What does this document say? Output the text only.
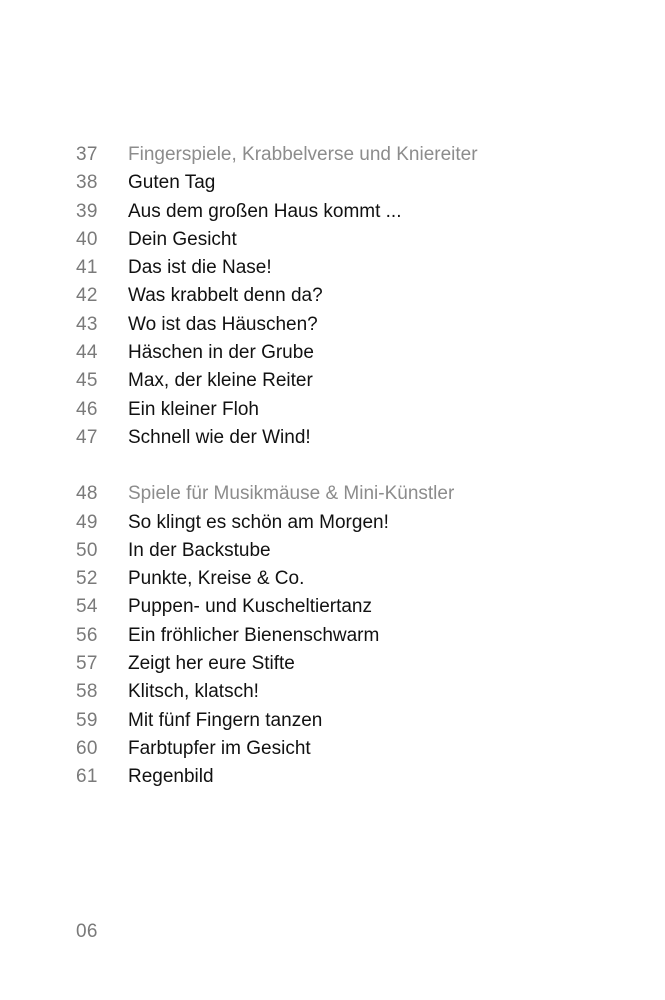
37	Fingerspiele, Krabbelverse und Kniereiter
38	Guten Tag
39	Aus dem großen Haus kommt ...
40	Dein Gesicht
41	Das ist die Nase!
42	Was krabbelt denn da?
43	Wo ist das Häuschen?
44	Häschen in der Grube
45	Max, der kleine Reiter
46	Ein kleiner Floh
47	Schnell wie der Wind!
48	Spiele für Musikmäuse & Mini-Künstler
49	So klingt es schön am Morgen!
50	In der Backstube
52	Punkte, Kreise & Co.
54	Puppen- und Kuscheltiertanz
56	Ein fröhlicher Bienenschwarm
57	Zeigt her eure Stifte
58	Klitsch, klatsch!
59	Mit fünf Fingern tanzen
60	Farbtupfer im Gesicht
61	Regenbild
06
